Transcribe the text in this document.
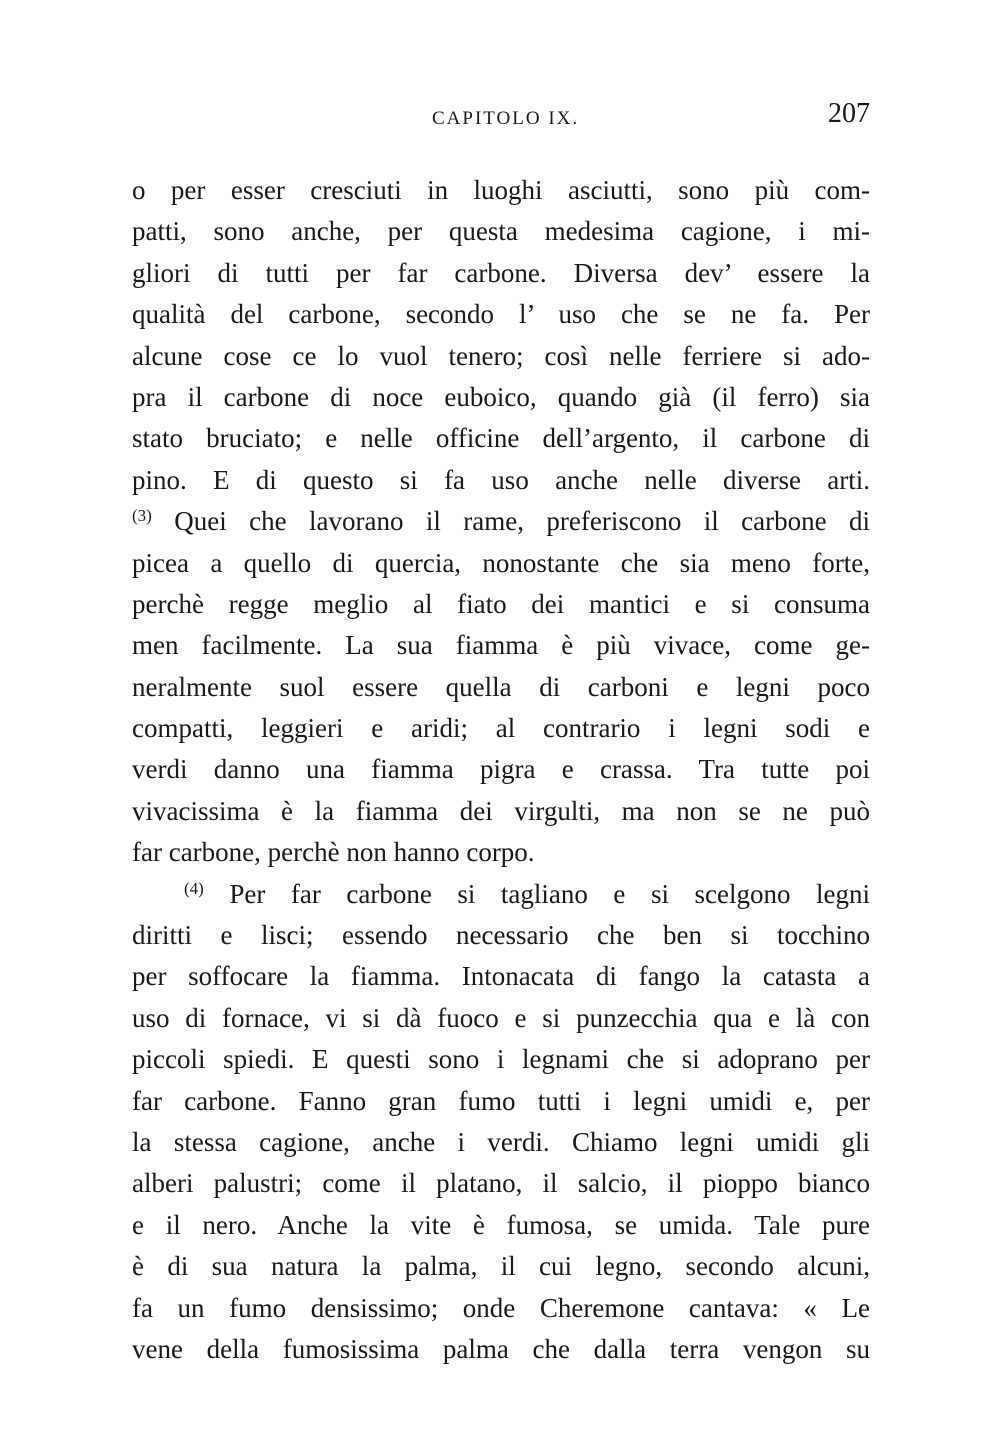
CAPITOLO IX.	207
o per esser cresciuti in luoghi asciutti, sono più com-
patti, sono anche, per questa medesima cagione, i mi-
gliori di tutti per far carbone. Diversa dev’ essere la
qualità del carbone, secondo l’ uso che se ne fa. Per
alcune cose ce lo vuol tenero; così nelle ferriere si ado-
pra il carbone di noce euboico, quando già (il ferro) sia
stato bruciato; e nelle officine dell’argento, il carbone di
pino. E di questo si fa uso anche nelle diverse arti.
$^{(3)}$ Quei che lavorano il rame, preferiscono il carbone di
picea a quello di quercia, nonostante che sia meno forte,
perchè regge meglio al fiato dei mantici e si consuma
men facilmente. La sua fiamma è più vivace, come ge-
neralmente suol essere quella di carboni e legni poco
compatti, leggieri e aridi; al contrario i legni sodi e
verdi danno una fiamma pigra e crassa. Tra tutte poi
vivacissima è la fiamma dei virgulti, ma non se ne può
far carbone, perchè non hanno corpo.
$^{(4)}$ Per far carbone si tagliano e si scelgono legni
diritti e lisci; essendo necessario che ben si tocchino
per soffocare la fiamma. Intonacata di fango la catasta a
uso di fornace, vi si dà fuoco e si punzecchia qua e là con
piccoli spiedi. E questi sono i legnami che si adoprano per
far carbone. Fanno gran fumo tutti i legni umidi e, per
la stessa cagione, anche i verdi. Chiamo legni umidi gli
alberi palustri; come il platano, il salcio, il pioppo bianco
e il nero. Anche la vite è fumosa, se umida. Tale pure
è di sua natura la palma, il cui legno, secondo alcuni,
fa un fumo densissimo; onde Cheremone cantava: « Le
vene della fumosissima palma che dalla terra vengon su
